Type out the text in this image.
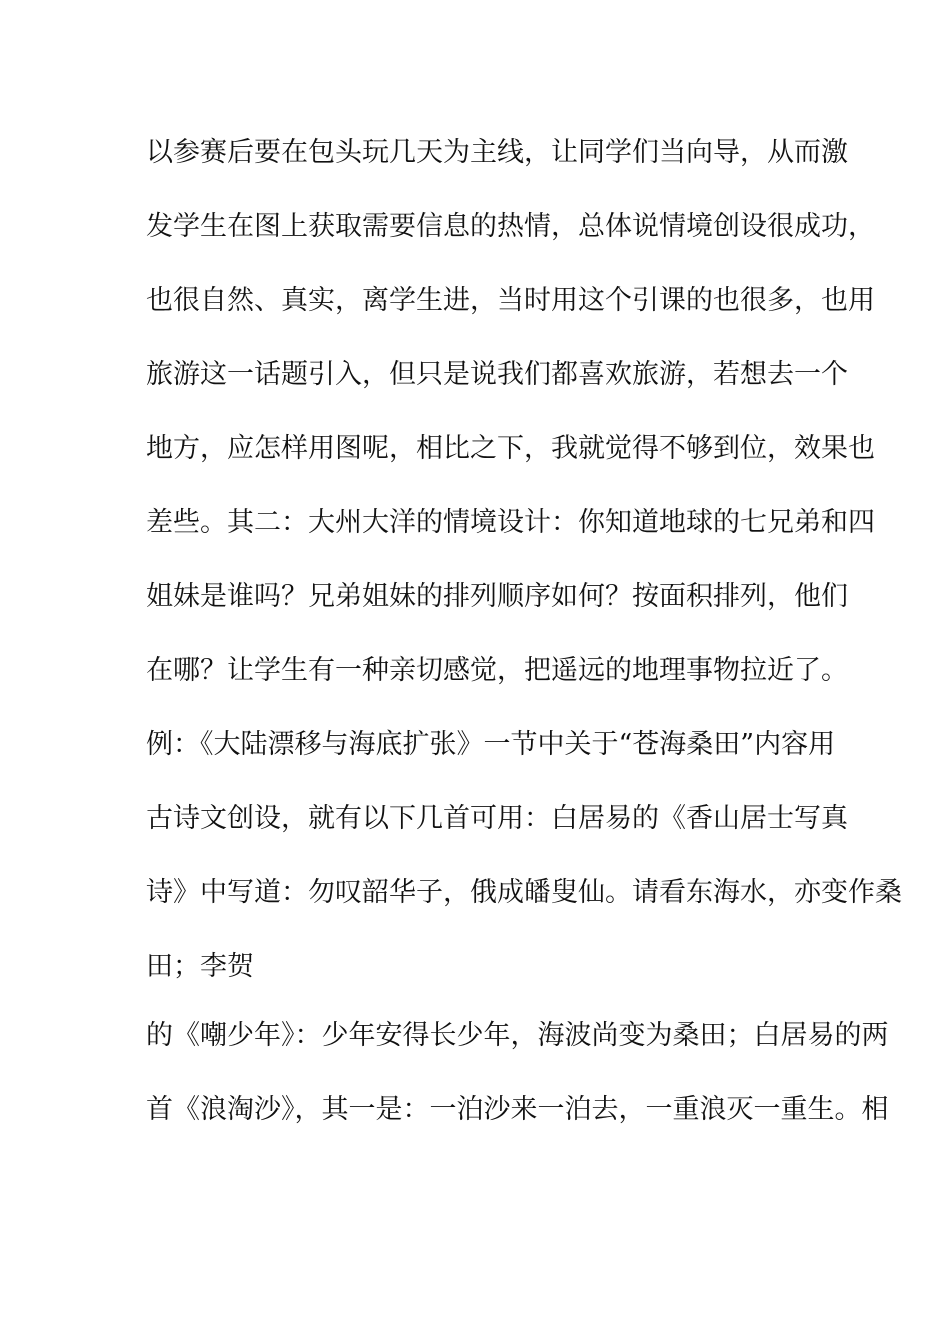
以参赛后要在包头玩几天为主线，让同学们当向导，从而激

发学生在图上获取需要信息的热情，总体说情境创设很成功，

也很自然、真实，离学生进，当时用这个引课的也很多，也用

旅游这一话题引入，但只是说我们都喜欢旅游，若想去一个

地方，应怎样用图呢，相比之下，我就觉得不够到位，效果也

差些。其二：大州大洋的情境设计：你知道地球的七兄弟和四

姐妹是谁吗？兄弟姐妹的排列顺序如何？按面积排列，他们

在哪？让学生有一种亲切感觉，把遥远的地理事物拉近了。

例：《大陆漂移与海底扩张》一节中关于“苍海桑田”内容用

古诗文创设，就有以下几首可用：白居易的《香山居士写真

诗》中写道：勿叹韶华子，俄成皤叟仙。请看东海水，亦变作桑

田；李贺

的《嘲少年》：少年安得长少年，海波尚变为桑田；白居易的两

首《浪淘沙》，其一是：一泊沙来一泊去，一重浪灭一重生。相
